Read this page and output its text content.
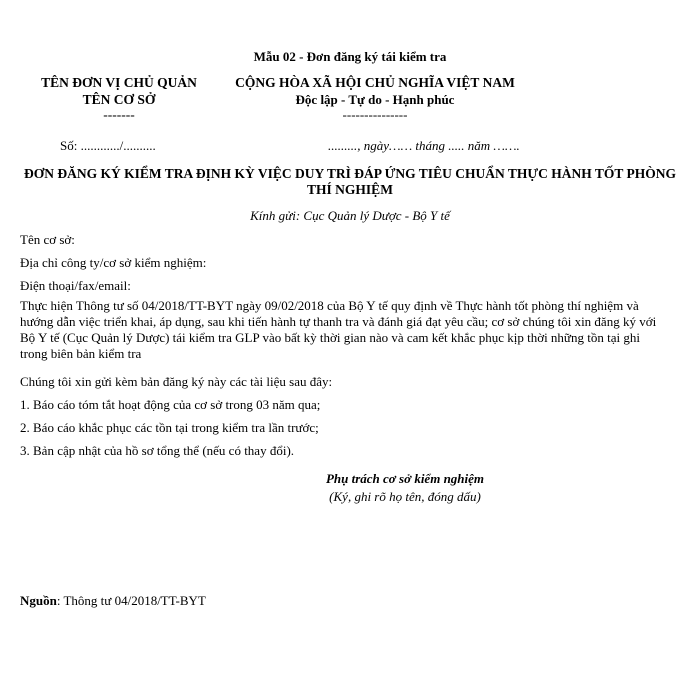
Mẫu 02 - Đơn đăng ký tái kiểm tra
TÊN ĐƠN VỊ CHỦ QUẢN
TÊN CƠ SỞ
-------
CỘNG HÒA XÃ HỘI CHỦ NGHĨA VIỆT NAM
Độc lập - Tự do - Hạnh phúc
---------------
Số: ............/..........	........., ngày…… tháng ..... năm …….
ĐƠN ĐĂNG KÝ KIỂM TRA ĐỊNH KỲ VIỆC DUY TRÌ ĐÁP ỨNG TIÊU CHUẨN THỰC HÀNH TỐT PHÒNG THÍ NGHIỆM
Kính gửi: Cục Quản lý Dược - Bộ Y tế
Tên cơ sở:
Địa chỉ công ty/cơ sở kiểm nghiệm:
Điện thoại/fax/email:
Thực hiện Thông tư số 04/2018/TT-BYT ngày 09/02/2018 của Bộ Y tế quy định về Thực hành tốt phòng thí nghiệm và hướng dẫn việc triển khai, áp dụng, sau khi tiến hành tự thanh tra và đánh giá đạt yêu cầu; cơ sở chúng tôi xin đăng ký với Bộ Y tế (Cục Quản lý Dược) tái kiểm tra GLP vào bất kỳ thời gian nào và cam kết khắc phục kịp thời những tồn tại ghi trong biên bản kiểm tra
Chúng tôi xin gửi kèm bản đăng ký này các tài liệu sau đây:
1. Báo cáo tóm tắt hoạt động của cơ sở trong 03 năm qua;
2. Báo cáo khắc phục các tồn tại trong kiểm tra lần trước;
3. Bản cập nhật của hồ sơ tổng thể (nếu có thay đổi).
Phụ trách cơ sở kiểm nghiệm
(Ký, ghi rõ họ tên, đóng dấu)
Nguồn: Thông tư 04/2018/TT-BYT
